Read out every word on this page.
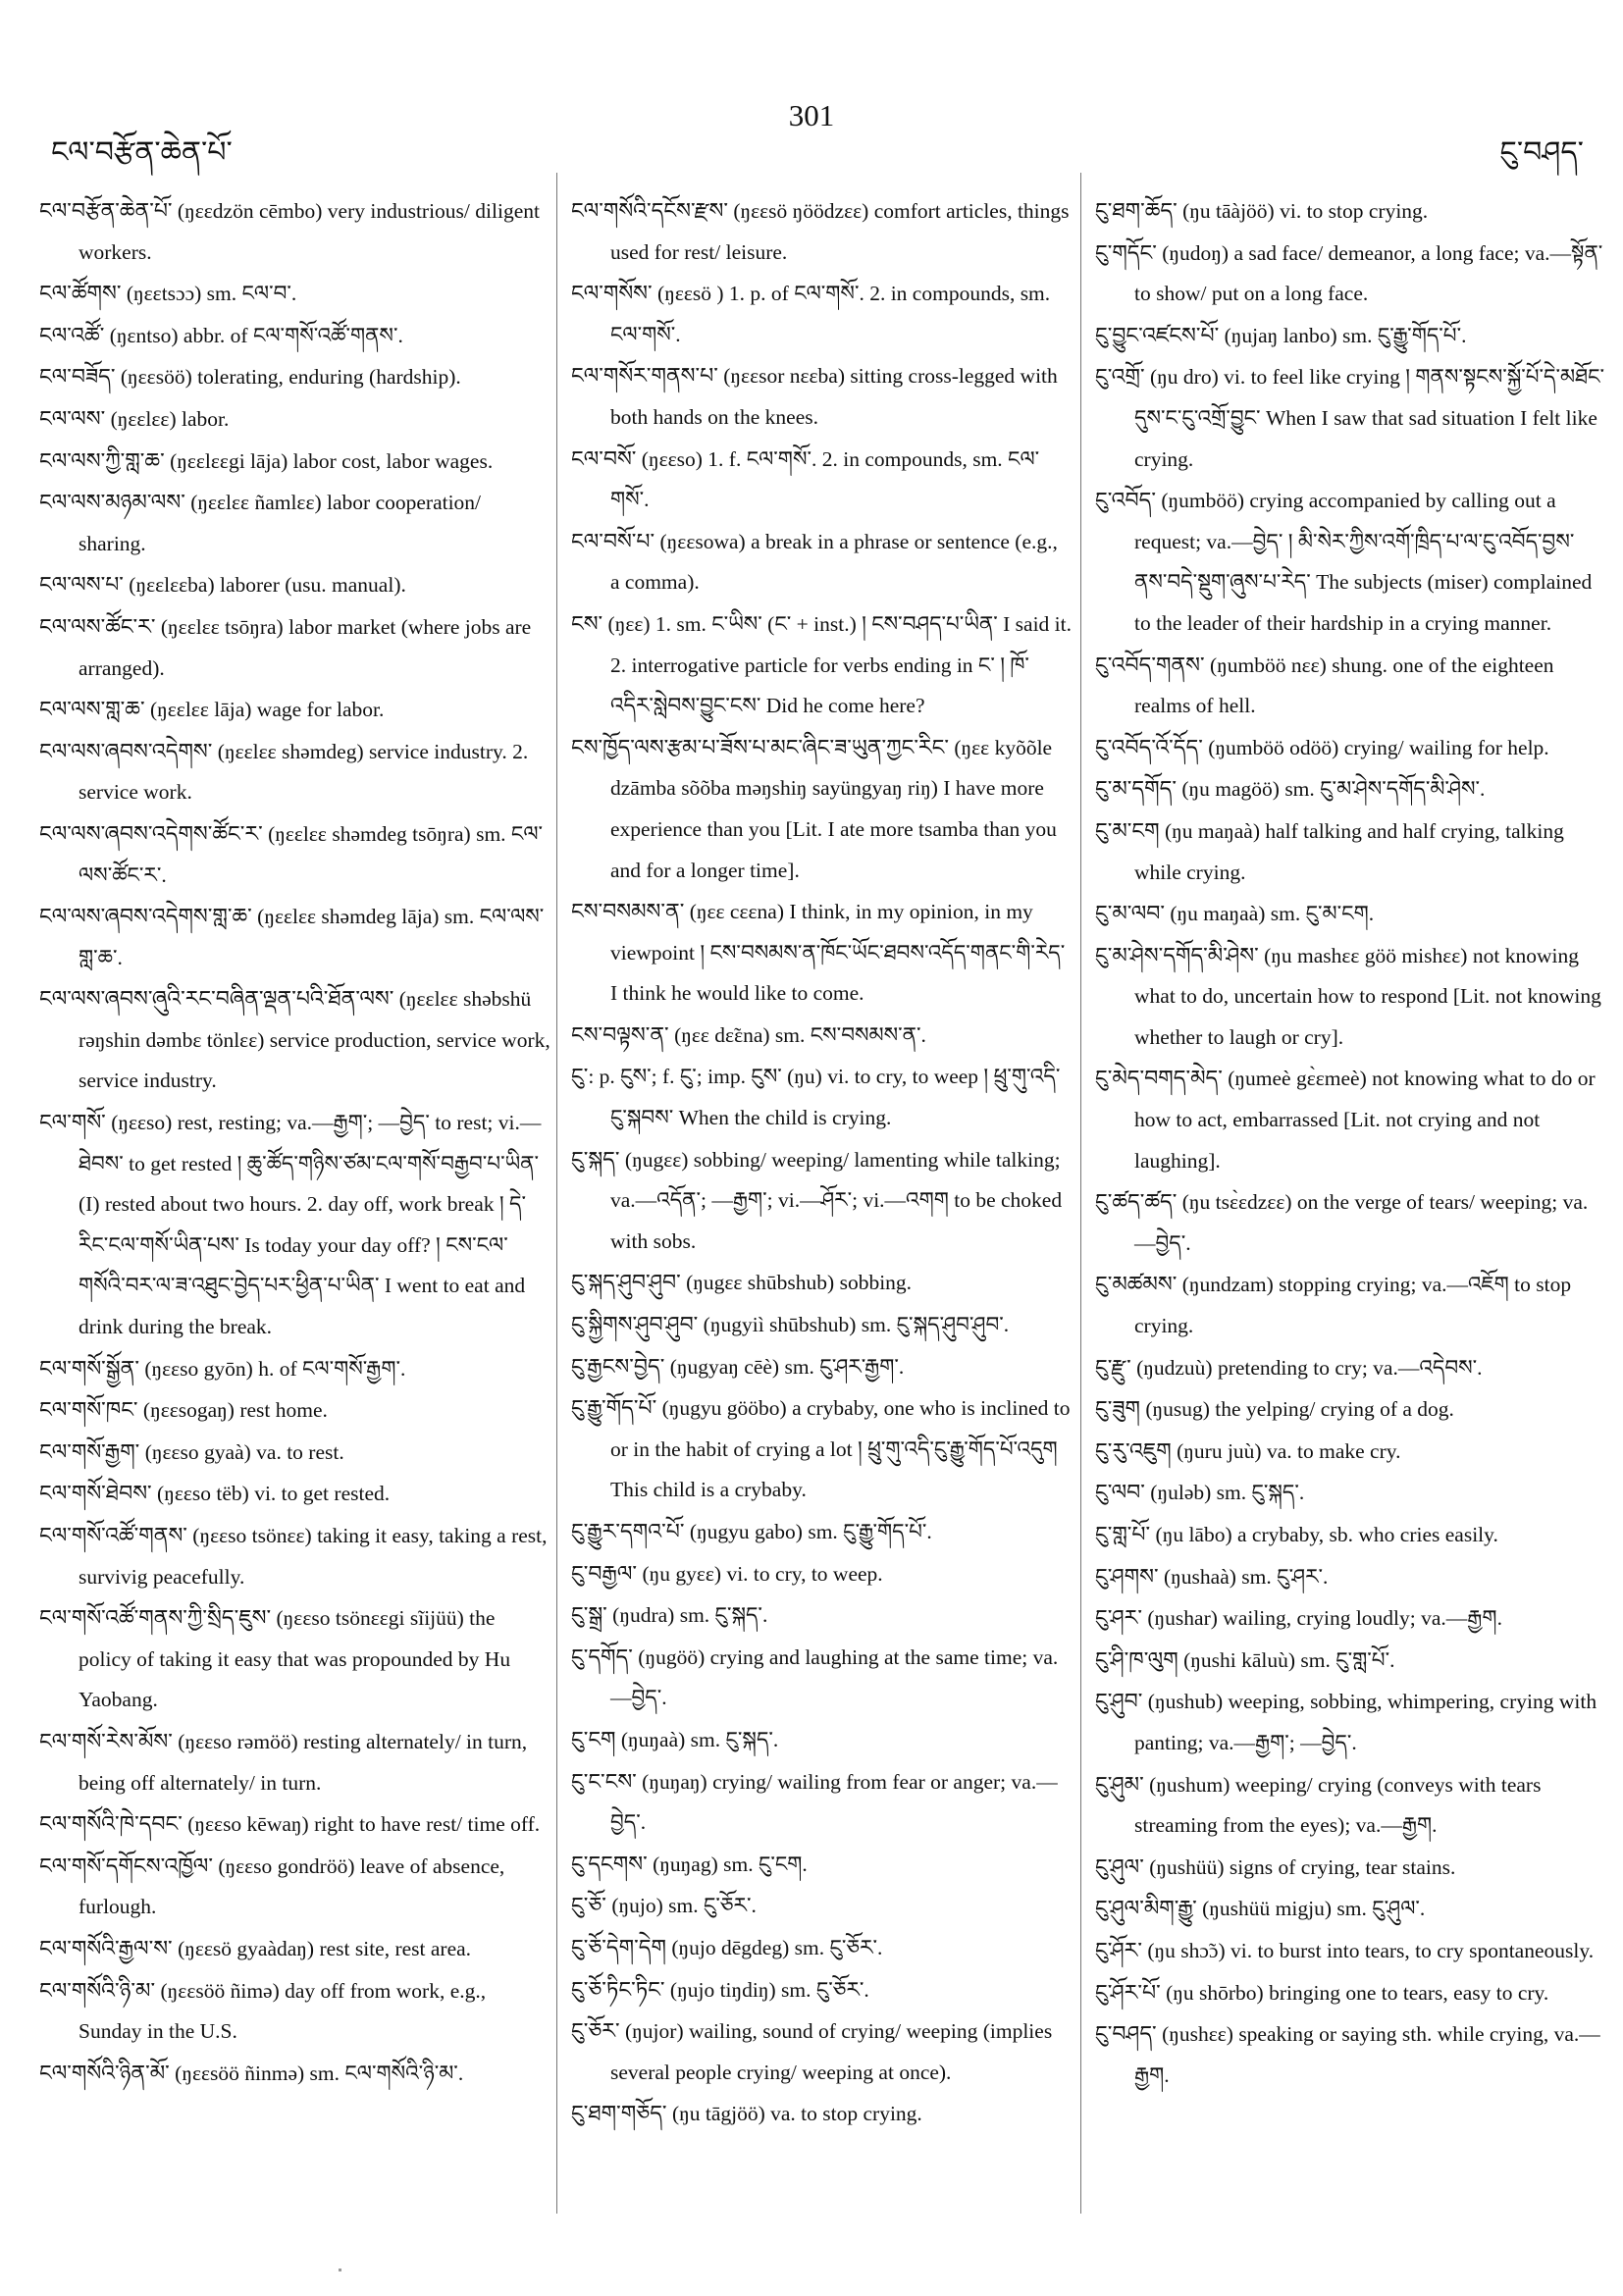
ངལ་བརྩོན་ཆེན་པོ་
301
ངུ་བཤད་

ངལ་བརྩོན་ཆེན་པོ་ (ŋɛɛdzön cēmbo) very industrious/ diligent workers.

ངལ་ཚོགས་ (ŋɛɛtsɔɔ) sm. ངལ་བ་.

ངལ་འཚོ་ (ŋɛntso) abbr. of ངལ་གསོ་འཚོ་གནས་.

ངལ་བཟོད་ (ŋɛɛsöö) tolerating, enduring (hardship).

ངལ་ལས་ (ŋɛɛlɛɛ) labor.

ངལ་ལས་ཀྱི་གླ་ཆ་ (ŋɛɛlɛɛgi lāja) labor cost, labor wages.

ངལ་ལས་མཉམ་ལས་ (ŋɛɛlɛɛ ñamlɛɛ) labor cooperation/ sharing.

ངལ་ལས་པ་ (ŋɛɛlɛɛba) laborer (usu. manual).

ངལ་ལས་ཚོང་ར་ (ŋɛɛlɛɛ tsōŋra) labor market (where jobs are arranged).

ངལ་ལས་གླ་ཆ་ (ŋɛɛlɛɛ lāja) wage for labor.

ངལ་ལས་ཞབས་འདེགས་ (ŋɛɛlɛɛ shəmdeg) service industry. 2. service work.

ངལ་ལས་ཞབས་འདེགས་ཚོང་ར་ (ŋɛɛlɛɛ shəmdeg tsōŋra) sm. ངལ་ལས་ཚོང་ར་.

ངལ་ལས་ཞབས་འདེགས་གླ་ཆ་ (ŋɛɛlɛɛ shəmdeg lāja) sm. ངལ་ལས་གླ་ཆ་.

ངལ་ལས་ཞབས་ཞུའི་རང་བཞིན་ལྡན་པའི་ཐོན་ལས་ (ŋɛɛlɛɛ shəbshü rəŋshin dəmbɛ tönlɛɛ) service production, service work, service industry.

ངལ་གསོ་ (ŋɛɛso) rest, resting; va.—རྒྱག་; —བྱེད་ to rest; vi.—ཐེབས་ to get rested ། ཆུ་ཚོད་གཉིས་ཙམ་ངལ་གསོ་བརྒྱབ་པ་ཡིན་ (I) rested about two hours. 2. day off, work break ། དེ་རིང་ངལ་གསོ་ཡིན་པས་ Is today your day off? ། ངས་ངལ་གསོའི་བར་ལ་ཟ་འཐུང་བྱེད་པར་ཕྱིན་པ་ཡིན་ I went to eat and drink during the break.

ངལ་གསོ་སྒྱོན་ (ŋɛɛso gyōn) h. of ངལ་གསོ་རྒྱག་.

ངལ་གསོ་ཁང་ (ŋɛɛsogaŋ) rest home.

ངལ་གསོ་རྒྱག་ (ŋɛɛso gyaà) va. to rest.

ངལ་གསོ་ཐེབས་ (ŋɛɛso tëb) vi. to get rested.

ངལ་གསོ་འཚོ་གནས་ (ŋɛɛso tsönɛɛ) taking it easy, taking a rest, survivig peacefully.

ངལ་གསོ་འཚོ་གནས་ཀྱི་སྲིད་ཇུས་ (ŋɛɛso tsönɛɛgi sĩijüü) the policy of taking it easy that was propounded by Hu Yaobang.

ངལ་གསོ་རེས་མོས་ (ŋɛɛso rəmöö) resting alternately/ in turn, being off alternately/ in turn.

ངལ་གསོའི་ཁེ་དབང་ (ŋɛɛso kēwaŋ) right to have rest/ time off.

ངལ་གསོ་དགོངས་འཁྱོལ་ (ŋɛɛso gondröö) leave of absence, furlough.

ངལ་གསོའི་རྒྱལ་ས་ (ŋɛɛsö gyaàdaŋ) rest site, rest area.

ངལ་གསོའི་ཉི་མ་ (ŋɛɛsöö ñimə) day off from work, e.g., Sunday in the U.S.

ངལ་གསོའི་ཉིན་མོ་ (ŋɛɛsöö ñinmə) sm. ངལ་གསོའི་ཉི་མ་.

ངལ་གསོའི་དངོས་རྫས་ (ŋɛɛsö ŋöödzɛɛ) comfort articles, things used for rest/ leisure.

ངལ་གསོས་ (ŋɛɛsö ) 1. p. of ངལ་གསོ་. 2. in compounds, sm. ངལ་གསོ་.

ངལ་གསོར་གནས་པ་ (ŋɛɛsor nɛɛba) sitting cross-legged with both hands on the knees.

ངལ་བསོ་ (ŋɛɛso) 1. f. ངལ་གསོ་. 2. in compounds, sm. ངལ་གསོ་.

ངལ་བསོ་པ་ (ŋɛɛsowa) a break in a phrase or sentence (e.g., a comma).

ངས་ (ŋɛɛ) 1. sm. ང་ཡིས་ (ང་ + inst.) ། ངས་བཤད་པ་ཡིན་ I said it. 2. interrogative particle for verbs ending in ང་ ། ཁོ་འདིར་སླེབས་བྱུང་ངས་ Did he come here?

ངས་ཁྱོད་ལས་རྩམ་པ་ཟོས་པ་མང་ཞིང་ཟ་ཡུན་ཀྱང་རིང་ (ŋɛɛ kyõõle dzāmba sõõba məŋshiŋ sayüngyaŋ riŋ) I have more experience than you [Lit. I ate more tsamba than you and for a longer time].

ངས་བསམས་ན་ (ŋɛɛ cɛɛna) I think, in my opinion, in my viewpoint ། ངས་བསམས་ན་ཁོང་ཡོང་ཐབས་འདོད་གནང་གི་རེད་ I think he would like to come.

ངས་བལྟས་ན་ (ŋɛɛ dɛ̃ɛna) sm. ངས་བསམས་ན་.

ངུ་: p. ངུས་; f. ངུ་; imp. ངུས་ (ŋu) vi. to cry, to weep ། ཕྲུ་གུ་འདི་ངུ་སྐབས་ When the child is crying.

ངུ་སྐད་ (ŋugɛɛ) sobbing/ weeping/ lamenting while talking; va.—འདོན་; —རྒྱག་; vi.—ཤོར་; vi.—འགག to be choked with sobs.

ངུ་སྐད་ཤུབ་ཤུབ་ (ŋugɛɛ shūbshub) sobbing.

ངུ་སྐྱིགས་ཤུབ་ཤུབ་ (ŋugyiì shūbshub) sm. ངུ་སྐད་ཤུབ་ཤུབ་.

ངུ་རྒྱངས་བྱེད་ (ŋugyaŋ cēè) sm. ངུ་ཤར་རྒྱག་.

ངུ་རྒྱུ་གོད་པོ་ (ŋugyu gööbo) a crybaby, one who is inclined to or in the habit of crying a lot ། ཕྲུ་གུ་འདི་ངུ་རྒྱུ་གོད་པོ་འདུག This child is a crybaby.

ངུ་རྒྱུར་དགའ་པོ་ (ŋugyu gabo) sm. ངུ་རྒྱུ་གོད་པོ་.

ངུ་བརྒྱལ་ (ŋu gyɛɛ) vi. to cry, to weep.

ངུ་སྒྲ་ (ŋudra) sm. ངུ་སྐད་.

ངུ་དགོད་ (ŋugöö) crying and laughing at the same time; va.—བྱེད་.

ངུ་ངག (ŋuŋaà) sm. ངུ་སྐད་.

ངུ་ང་ངས་ (ŋuŋaŋ) crying/ wailing from fear or anger; va.—བྱེད་.

ངུ་དངགས་ (ŋuŋag) sm. ངུ་ངག.

ངུ་ཅོ་ (ŋujo) sm. ངུ་ཅོར་.

ངུ་ཅོ་དེག་དེག (ŋujo dēgdeg) sm. ངུ་ཅོར་.

ངུ་ཅོ་ཏིང་ཏིང་ (ŋujo tiŋdiŋ) sm. ངུ་ཅོར་.

ངུ་ཅོར་ (ŋujor) wailing, sound of crying/ weeping (implies several people crying/ weeping at once).

ངུ་ཐག་གཅོད་ (ŋu tāgjöö) va. to stop crying.

ངུ་ཐག་ཆོད་ (ŋu tāàjöö) vi. to stop crying.

ངུ་གདོང་ (ŋudoŋ) a sad face/ demeanor, a long face; va.—སྟོན་ to show/ put on a long face.

ངུ་བྱུང་འཛངས་པོ་ (ŋujaŋ lanbo) sm. ངུ་རྒྱུ་གོད་པོ་.

ངུ་འགྲོ་ (ŋu dro) vi. to feel like crying ། གནས་སྟངས་སྐྱོ་པོ་དེ་མཐོང་དུས་ང་ངུ་འགྲོ་བྱུང་ When I saw that sad situation I felt like crying.

ངུ་འབོད་ (ŋumböö) crying accompanied by calling out a request; va.—བྱེད་ ། མི་སེར་ཀྱིས་འགོ་ཁྲིད་པ་ལ་ངུ་འབོད་བྱས་ནས་བདེ་སྡུག་ཞུས་པ་རེད་ The subjects (miser) complained to the leader of their hardship in a crying manner.

ངུ་འབོད་གནས་ (ŋumböö nɛɛ) shung. one of the eighteen realms of hell.

ངུ་འབོད་འོ་དོད་ (ŋumböö odöö) crying/ wailing for help.

ངུ་མ་དགོད་ (ŋu magöö) sm. ངུ་མ་ཤེས་དགོད་མི་ཤེས་.

ངུ་མ་ངག (ŋu maŋaà) half talking and half crying, talking while crying.

ངུ་མ་ལབ་ (ŋu maŋaà) sm. ངུ་མ་ངག.

ངུ་མ་ཤེས་དགོད་མི་ཤེས་ (ŋu mashɛɛ göö mishɛɛ) not knowing what to do, uncertain how to respond [Lit. not knowing whether to laugh or cry].

ངུ་མེད་བགད་མེད་ (ŋumeè gɛ̀ɛmeè) not knowing what to do or how to act, embarrassed [Lit. not crying and not laughing].

ངུ་ཚད་ཚད་ (ŋu tsɛ̀ɛdzɛɛ) on the verge of tears/ weeping; va.—བྱེད་.

ངུ་མཚམས་ (ŋundzam) stopping crying; va.—འཇོག to stop crying.

ངུ་རྫུ་ (ŋudzuù) pretending to cry; va.—འདེབས་.

ངུ་ཟུག (ŋusug) the yelping/ crying of a dog.

ངུ་རུ་འཇུག (ŋuru juù) va. to make cry.

ངུ་ལབ་ (ŋuləb) sm. ངུ་སྐད་.

ངུ་གླ་པོ་ (ŋu lābo) a crybaby, sb. who cries easily.

ངུ་ཤགས་ (ŋushaà) sm. ངུ་ཤར་.

ངུ་ཤར་ (ŋushar) wailing, crying loudly; va.—རྒྱག.

ངུ་ཤི་ཁ་ལུག (ŋushi kāluù) sm. ངུ་གླ་པོ་.

ངུ་ཤུབ་ (ŋushub) weeping, sobbing, whimpering, crying with panting; va.—རྒྱག་; —བྱེད་.

ངུ་ཤུམ་ (ŋushum) weeping/ crying (conveys with tears streaming from the eyes); va.—རྒྱག.

ངུ་ཤུལ་ (ŋushüü) signs of crying, tear stains.

ངུ་ཤུལ་མིག་རྒྱུ་ (ŋushüü migju) sm. ངུ་ཤུལ་.

ངུ་ཤོར་ (ŋu shɔ̃ɔ) vi. to burst into tears, to cry spontaneously.

ངུ་ཤོར་པོ་ (ŋu shōrbo) bringing one to tears, easy to cry.

ངུ་བཤད་ (ŋushɛɛ) speaking or saying sth. while crying, va.—རྒྱག.
